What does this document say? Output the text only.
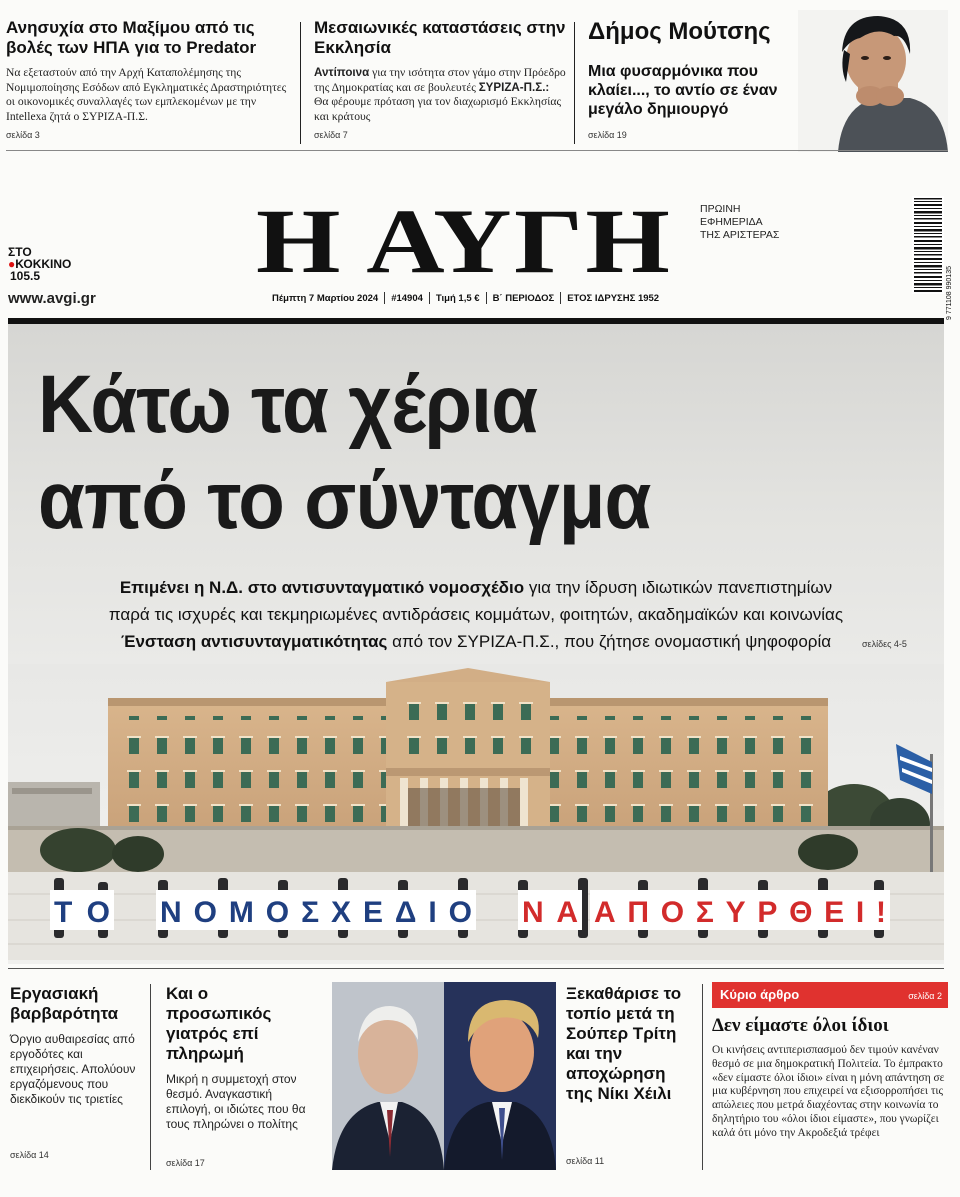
Ανησυχία στο Μαξίμου από τις βολές των ΗΠΑ για το Predator

Να εξεταστούν από την Αρχή Καταπολέμησης της Νομιμοποίησης Εσόδων από Εγκληματικές Δραστηριότητες οι οικονομικές συναλλαγές των εμπλεκομένων με την Intellexa ζητά ο ΣΥΡΙΖΑ-Π.Σ.

σελίδα 3
Μεσαιωνικές καταστάσεις στην Εκκλησία

Αντίποινα για την ισότητα στον γάμο στην Πρόεδρο της Δημοκρατίας και σε βουλευτές ΣΥΡΙΖΑ-Π.Σ.: Θα φέρουμε πρόταση για τον διαχωρισμό Εκκλησίας και κράτους

σελίδα 7
Δήμος Μούτσης
Μια φυσαρμόνικα που κλαίει..., το αντίο σε έναν μεγάλο δημιουργό
σελίδα 19
ΣΤΟ
●ΚΟΚΚΙΝΟ
105.5
www.avgi.gr
Η ΑΥΓΗ	ΠΡΩΙΝΗ
ΕΦΗΜΕΡΙΔΑ
ΤΗΣ ΑΡΙΣΤΕΡΑΣ
Πέμπτη 7 Μαρτίου 2024 #14904 Τιμή 1,5 € Β΄ ΠΕΡΙΟΔΟΣ ΕΤΟΣ ΙΔΡΥΣΗΣ 1952	9 771108 990135
Κάτω τα χέρια
από το σύνταγμα
Επιμένει η Ν.Δ. στο αντισυνταγματικό νομοσχέδιο για την ίδρυση ιδιωτικών πανεπιστημίων
παρά τις ισχυρές και τεκμηριωμένες αντιδράσεις κομμάτων, φοιτητών, ακαδημαϊκών και κοινωνίας
Ένσταση αντισυνταγματικότητας από τον ΣΥΡΙΖΑ-Π.Σ., που ζήτησε ονομαστική ψηφοφορία	σελίδες 4-5
ΤΟ ΝΟΜΟΣΧΕΔΙΟ ΝΑ ΑΠΟΣΥΡΘΕΙ!
Εργασιακή βαρβαρότητα

Όργιο αυθαιρεσίας από εργοδότες και επιχειρήσεις. Απολύουν εργαζόμενους που διεκδικούν τις τριετίες

σελίδα 14
Και ο προσωπικός γιατρός επί πληρωμή

Μικρή η συμμετοχή στον θεσμό. Αναγκαστική επιλογή, οι ιδιώτες που θα τους πληρώνει ο πολίτης

σελίδα 17
Ξεκαθάρισε το τοπίο μετά τη Σούπερ Τρίτη και την αποχώρηση της Νίκι Χέιλι
σελίδα 11
Κύριο άρθρο	σελίδα 2
Δεν είμαστε όλοι ίδιοι

Οι κινήσεις αντιπερισπασμού δεν τιμούν κανέναν θεσμό σε μια δημοκρατική Πολιτεία. Το έμπρακτο «δεν είμαστε όλοι ίδιοι» είναι η μόνη απάντηση σε μια κυβέρνηση που επιχειρεί να εξισορροπήσει τις απώλειες που μετρά διαχέοντας στην κοινωνία το δηλητήριο του «όλοι ίδιοι είμαστε», που γνωρίζει καλά ότι μόνο την Ακροδεξιά τρέφει
